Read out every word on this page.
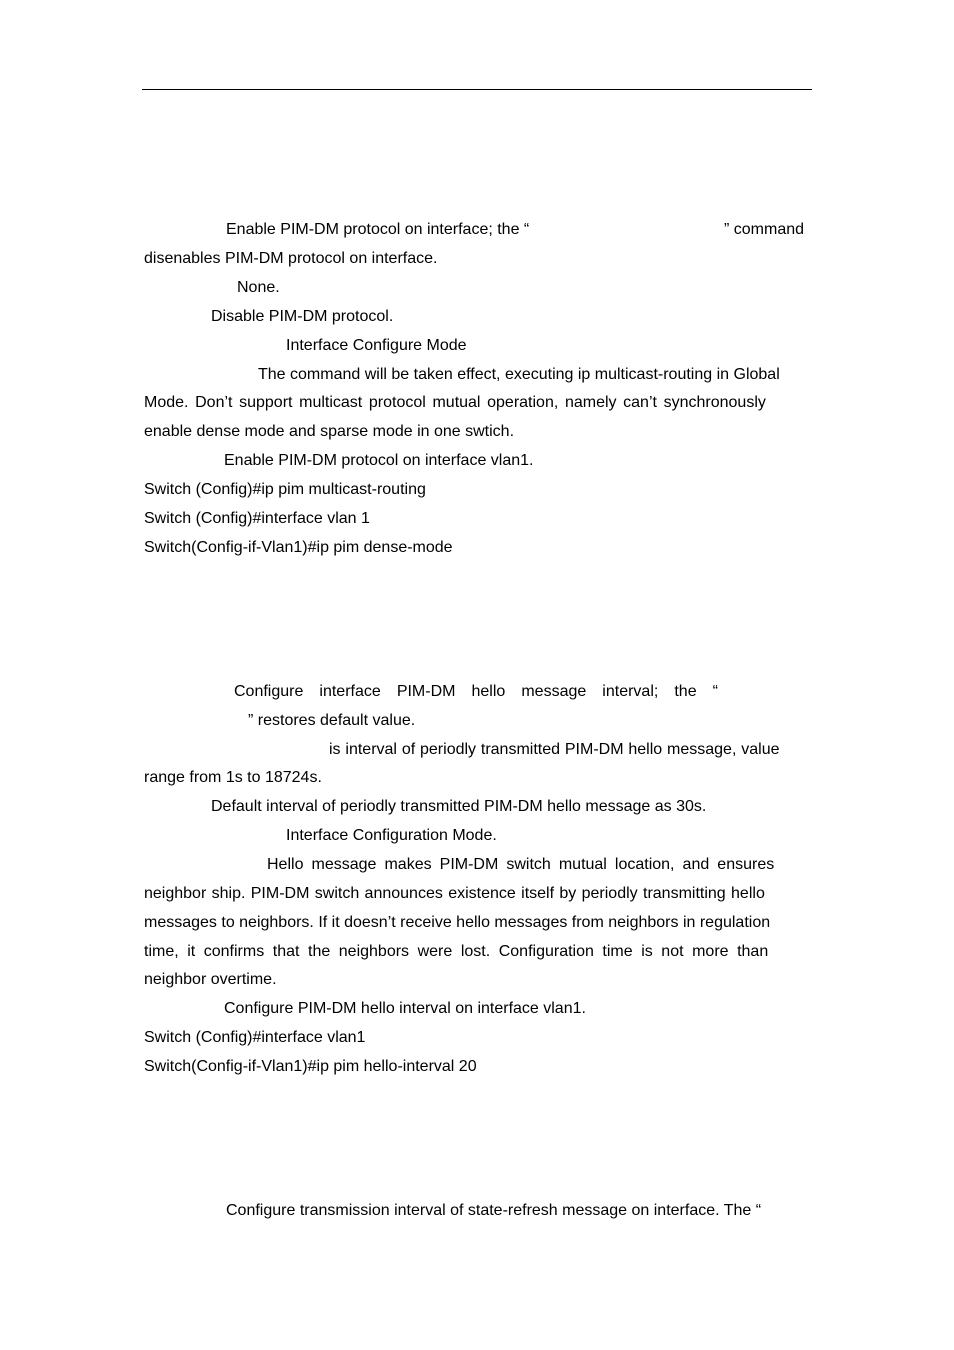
Enable PIM-DM protocol on interface; the “	” command
disenables PIM-DM protocol on interface.
None.
Disable PIM-DM protocol.
Interface Configure Mode
The command will be taken effect, executing ip multicast-routing in Global
Mode. Don’t support multicast protocol mutual operation, namely can’t synchronously
enable dense mode and sparse mode in one swtich.
Enable PIM-DM protocol on interface vlan1.
Switch (Config)#ip pim multicast-routing
Switch (Config)#interface vlan 1
Switch(Config-if-Vlan1)#ip pim dense-mode
Configure interface PIM-DM hello message interval; the “
” restores default value.
is interval of periodly transmitted PIM-DM hello message, value
range from 1s to 18724s.
Default interval of periodly transmitted PIM-DM hello message as 30s.
Interface Configuration Mode.
Hello message makes PIM-DM switch mutual location, and ensures
neighbor ship. PIM-DM switch announces existence itself by periodly transmitting hello
messages to neighbors. If it doesn’t receive hello messages from neighbors in regulation
time, it confirms that the neighbors were lost. Configuration time is not more than
neighbor overtime.
Configure PIM-DM hello interval on interface vlan1.
Switch (Config)#interface vlan1
Switch(Config-if-Vlan1)#ip pim hello-interval 20
Configure transmission interval of state-refresh message on interface. The “
